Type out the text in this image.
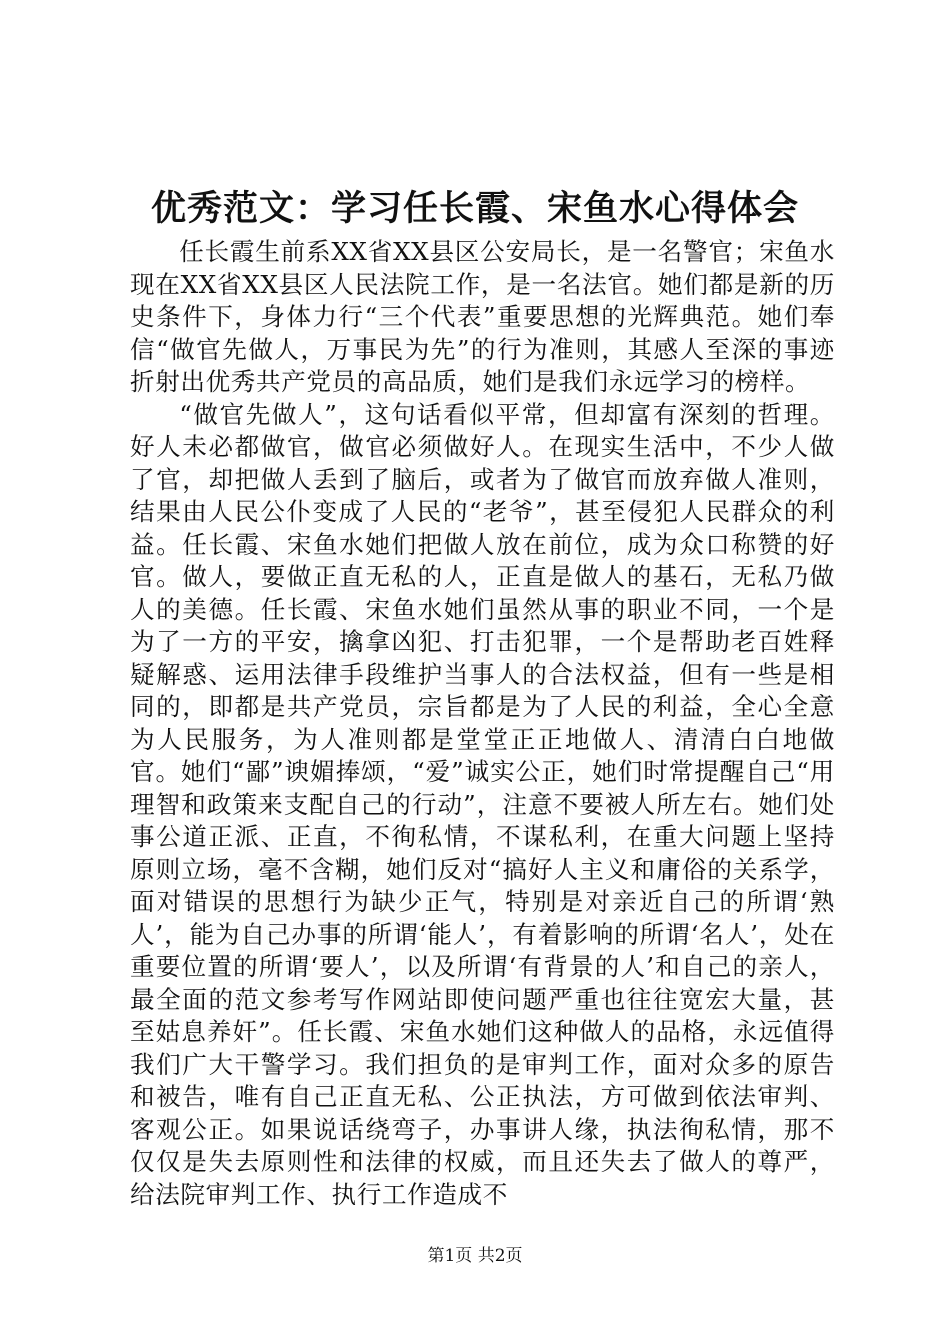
优秀范文：学习任长霞、宋鱼水心得体会

任长霞生前系XX省XX县区公安局长，是一名警官；宋鱼水现在XX省XX县区人民法院工作，是一名法官。她们都是新的历史条件下，身体力行“三个代表”重要思想的光辉典范。她们奉信“做官先做人，万事民为先”的行为准则，其感人至深的事迹折射出优秀共产党员的高品质，她们是我们永远学习的榜样。

“做官先做人”，这句话看似平常，但却富有深刻的哲理。好人未必都做官，做官必须做好人。在现实生活中，不少人做了官，却把做人丢到了脑后，或者为了做官而放弃做人准则，结果由人民公仆变成了人民的“老爷”，甚至侵犯人民群众的利益。任长霞、宋鱼水她们把做人放在前位，成为众口称赞的好官。做人，要做正直无私的人，正直是做人的基石，无私乃做人的美德。任长霞、宋鱼水她们虽然从事的职业不同，一个是为了一方的平安，擒拿凶犯、打击犯罪，一个是帮助老百姓释疑解惑、运用法律手段维护当事人的合法权益，但有一些是相同的，即都是共产党员，宗旨都是为了人民的利益，全心全意为人民服务，为人准则都是堂堂正正地做人、清清白白地做官。她们“鄙”谀媚捧颂，“爱”诚实公正，她们时常提醒自己“用理智和政策来支配自己的行动”，注意不要被人所左右。她们处事公道正派、正直，不徇私情，不谋私利，在重大问题上坚持原则立场，毫不含糊，她们反对“搞好人主义和庸俗的关系学，面对错误的思想行为缺少正气，特别是对亲近自己的所谓‘熟人’，能为自己办事的所谓‘能人’，有着影响的所谓‘名人’，处在重要位置的所谓‘要人’，以及所谓‘有背景的人’和自己的亲人，最全面的范文参考写作网站即使问题严重也往往宽宏大量，甚至姑息养奸”。任长霞、宋鱼水她们这种做人的品格，永远值得我们广大干警学习。我们担负的是审判工作，面对众多的原告和被告，唯有自己正直无私、公正执法，方可做到依法审判、客观公正。如果说话绕弯子，办事讲人缘，执法徇私情，那不仅仅是失去原则性和法律的权威，而且还失去了做人的尊严，给法院审判工作、执行工作造成不

第1页 共2页
